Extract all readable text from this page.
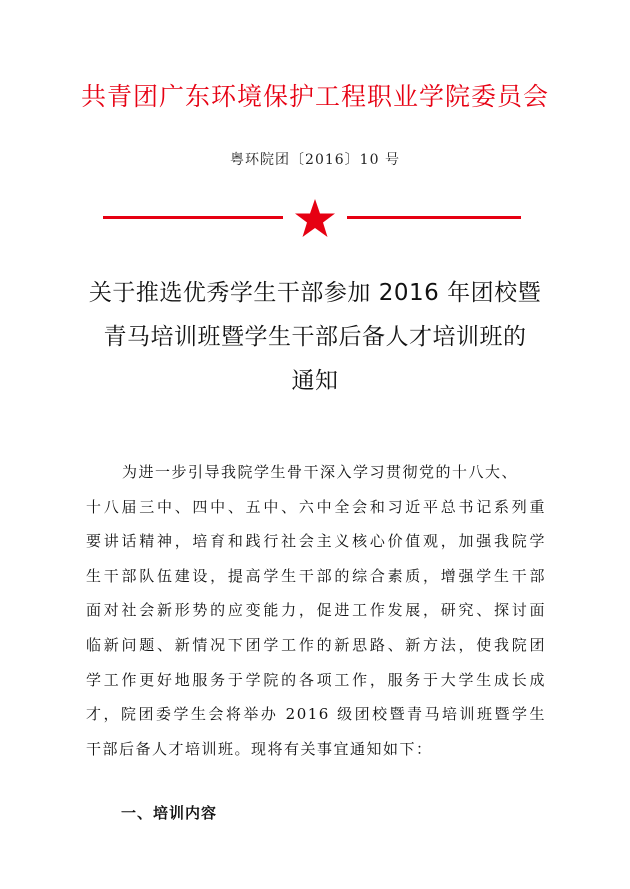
共青团广东环境保护工程职业学院委员会
粤环院团〔2016〕10 号
关于推选优秀学生干部参加 2016 年团校暨
青马培训班暨学生干部后备人才培训班的
通知
为进一步引导我院学生骨干深入学习贯彻党的十八大、
十八届三中、四中、五中、六中全会和习近平总书记系列重
要讲话精神，培育和践行社会主义核心价值观，加强我院学
生干部队伍建设，提高学生干部的综合素质，增强学生干部
面对社会新形势的应变能力，促进工作发展，研究、探讨面
临新问题、新情况下团学工作的新思路、新方法，使我院团
学工作更好地服务于学院的各项工作，服务于大学生成长成
才，院团委学生会将举办 2016 级团校暨青马培训班暨学生
干部后备人才培训班。现将有关事宜通知如下：
一、培训内容
